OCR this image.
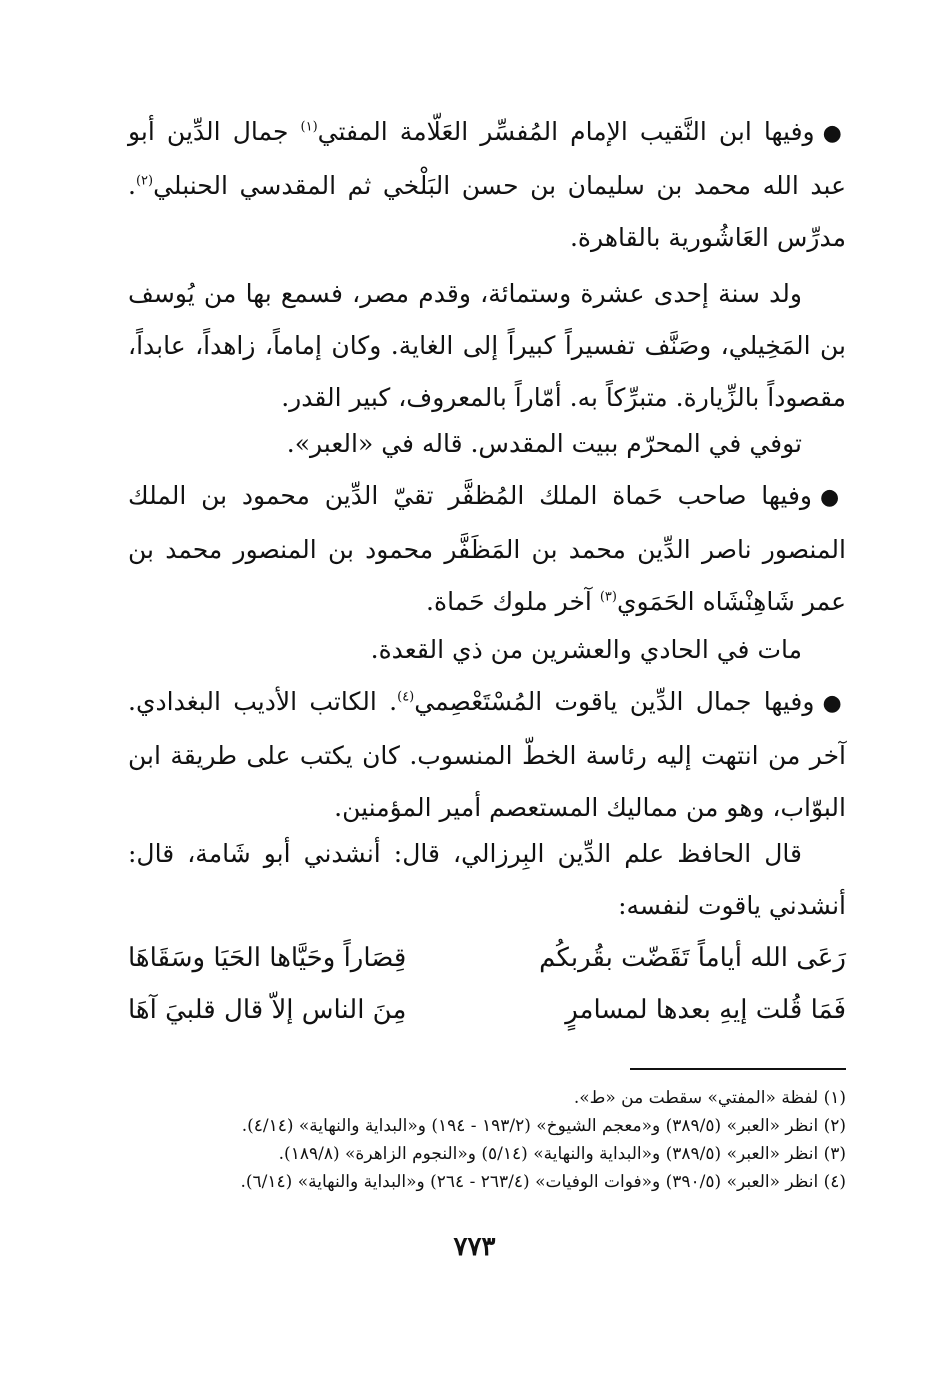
●وفيها ابن النَّقيب الإمام المُفسِّر العَلّامة المفتي$^{(١)}$ جمال الدِّين أبو عبد الله محمد بن سليمان بن حسن البَلْخي ثم المقدسي الحنبلي$^{(٢)}$. مدرِّس العَاشُورية بالقاهرة.

ولد سنة إحدى عشرة وستمائة، وقدم مصر، فسمع بها من يُوسف بن المَخِيلي، وصَنَّف تفسيراً كبيراً إلى الغاية. وكان إماماً، زاهداً، عابداً، مقصوداً بالزِّيارة. متبرِّكاً به. أمّاراً بالمعروف، كبير القدر.

توفي في المحرّم ببيت المقدس. قاله في «العبر».

●وفيها صاحب حَماة الملك المُظفَّر تقيّ الدِّين محمود بن الملك المنصور ناصر الدِّين محمد بن المَظَفَّر محمود بن المنصور محمد بن عمر شَاهِنْشَاه الحَمَوي$^{(٣)}$ آخر ملوك حَماة.

مات في الحادي والعشرين من ذي القعدة.

●وفيها جمال الدِّين ياقوت المُسْتَعْصِمي$^{(٤)}$. الكاتب الأديب البغدادي. آخر من انتهت إليه رئاسة الخطّ المنسوب. كان يكتب على طريقة ابن البوّاب، وهو من مماليك المستعصم أمير المؤمنين.

قال الحافظ علم الدِّين البِرزالي، قال: أنشدني أبو شَامة، قال: أنشدني ياقوت لنفسه:

رَعَى الله أياماً تَقَضّت بقُربكُم
قِصَاراً وحَيَّاها الحَيَا وسَقَاهَا
فَمَا قُلت إيهِ بعدها لمسامرٍ
مِنَ الناس إلاّ قال قلبيَ آهَا

(١) لفظة «المفتي» سقطت من «ط».

(٢) انظر «العبر» (٣٨٩/٥) و«معجم الشيوخ» (١٩٣/٢ - ١٩٤) و«البداية والنهاية» (٤/١٤).

(٣) انظر «العبر» (٣٨٩/٥) و«البداية والنهاية» (٥/١٤) و«النجوم الزاهرة» (١٨٩/٨).

(٤) انظر «العبر» (٣٩٠/٥) و«فوات الوفيات» (٢٦٣/٤ - ٢٦٤) و«البداية والنهاية» (٦/١٤).

٧٧٣
